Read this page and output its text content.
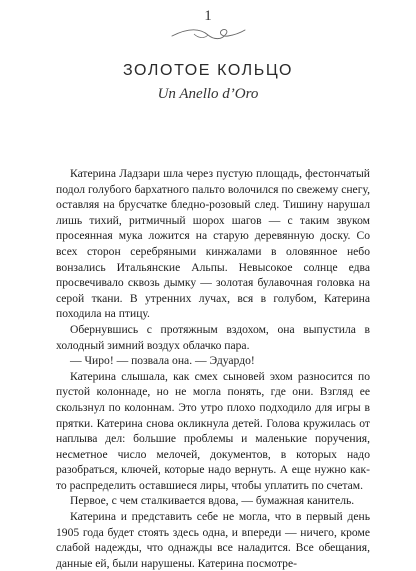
1
ЗОЛОТОЕ КОЛЬЦО
Un Anello d’Oro

Катерина Ладзари шла через пустую площадь, фестончатый подол голубого бархатного пальто волочился по свежему снегу, оставляя на брусчатке бледно-розовый след. Тишину нарушал лишь тихий, ритмичный шорох шагов — с таким звуком просеянная мука ложится на старую деревянную доску. Со всех сторон серебряными кинжалами в оловянное небо вонзались Итальянские Альпы. Невысокое солнце едва просвечивало сквозь дымку — золотая булавочная головка на серой ткани. В утренних лучах, вся в голубом, Катерина походила на птицу.

Обернувшись с протяжным вздохом, она выпустила в холодный зимний воздух облачко пара.

— Чиро! — позвала она. — Эдуардо!

Катерина слышала, как смех сыновей эхом разносится по пустой колоннаде, но не могла понять, где они. Взгляд ее скользнул по колоннам. Это утро плохо подходило для игры в прятки. Катерина снова окликнула детей. Голова кружилась от наплыва дел: большие проблемы и маленькие поручения, несметное число мелочей, документов, в которых надо разобраться, ключей, которые надо вернуть. А еще нужно как-то распределить оставшиеся лиры, чтобы уплатить по счетам.

Первое, с чем сталкивается вдова, — бумажная канитель.

Катерина и представить себе не могла, что в первый день 1905 года будет стоять здесь одна, и впереди — ничего, кроме слабой надежды, что однажды все наладится. Все обещания, данные ей, были нарушены. Катерина посмотре-
